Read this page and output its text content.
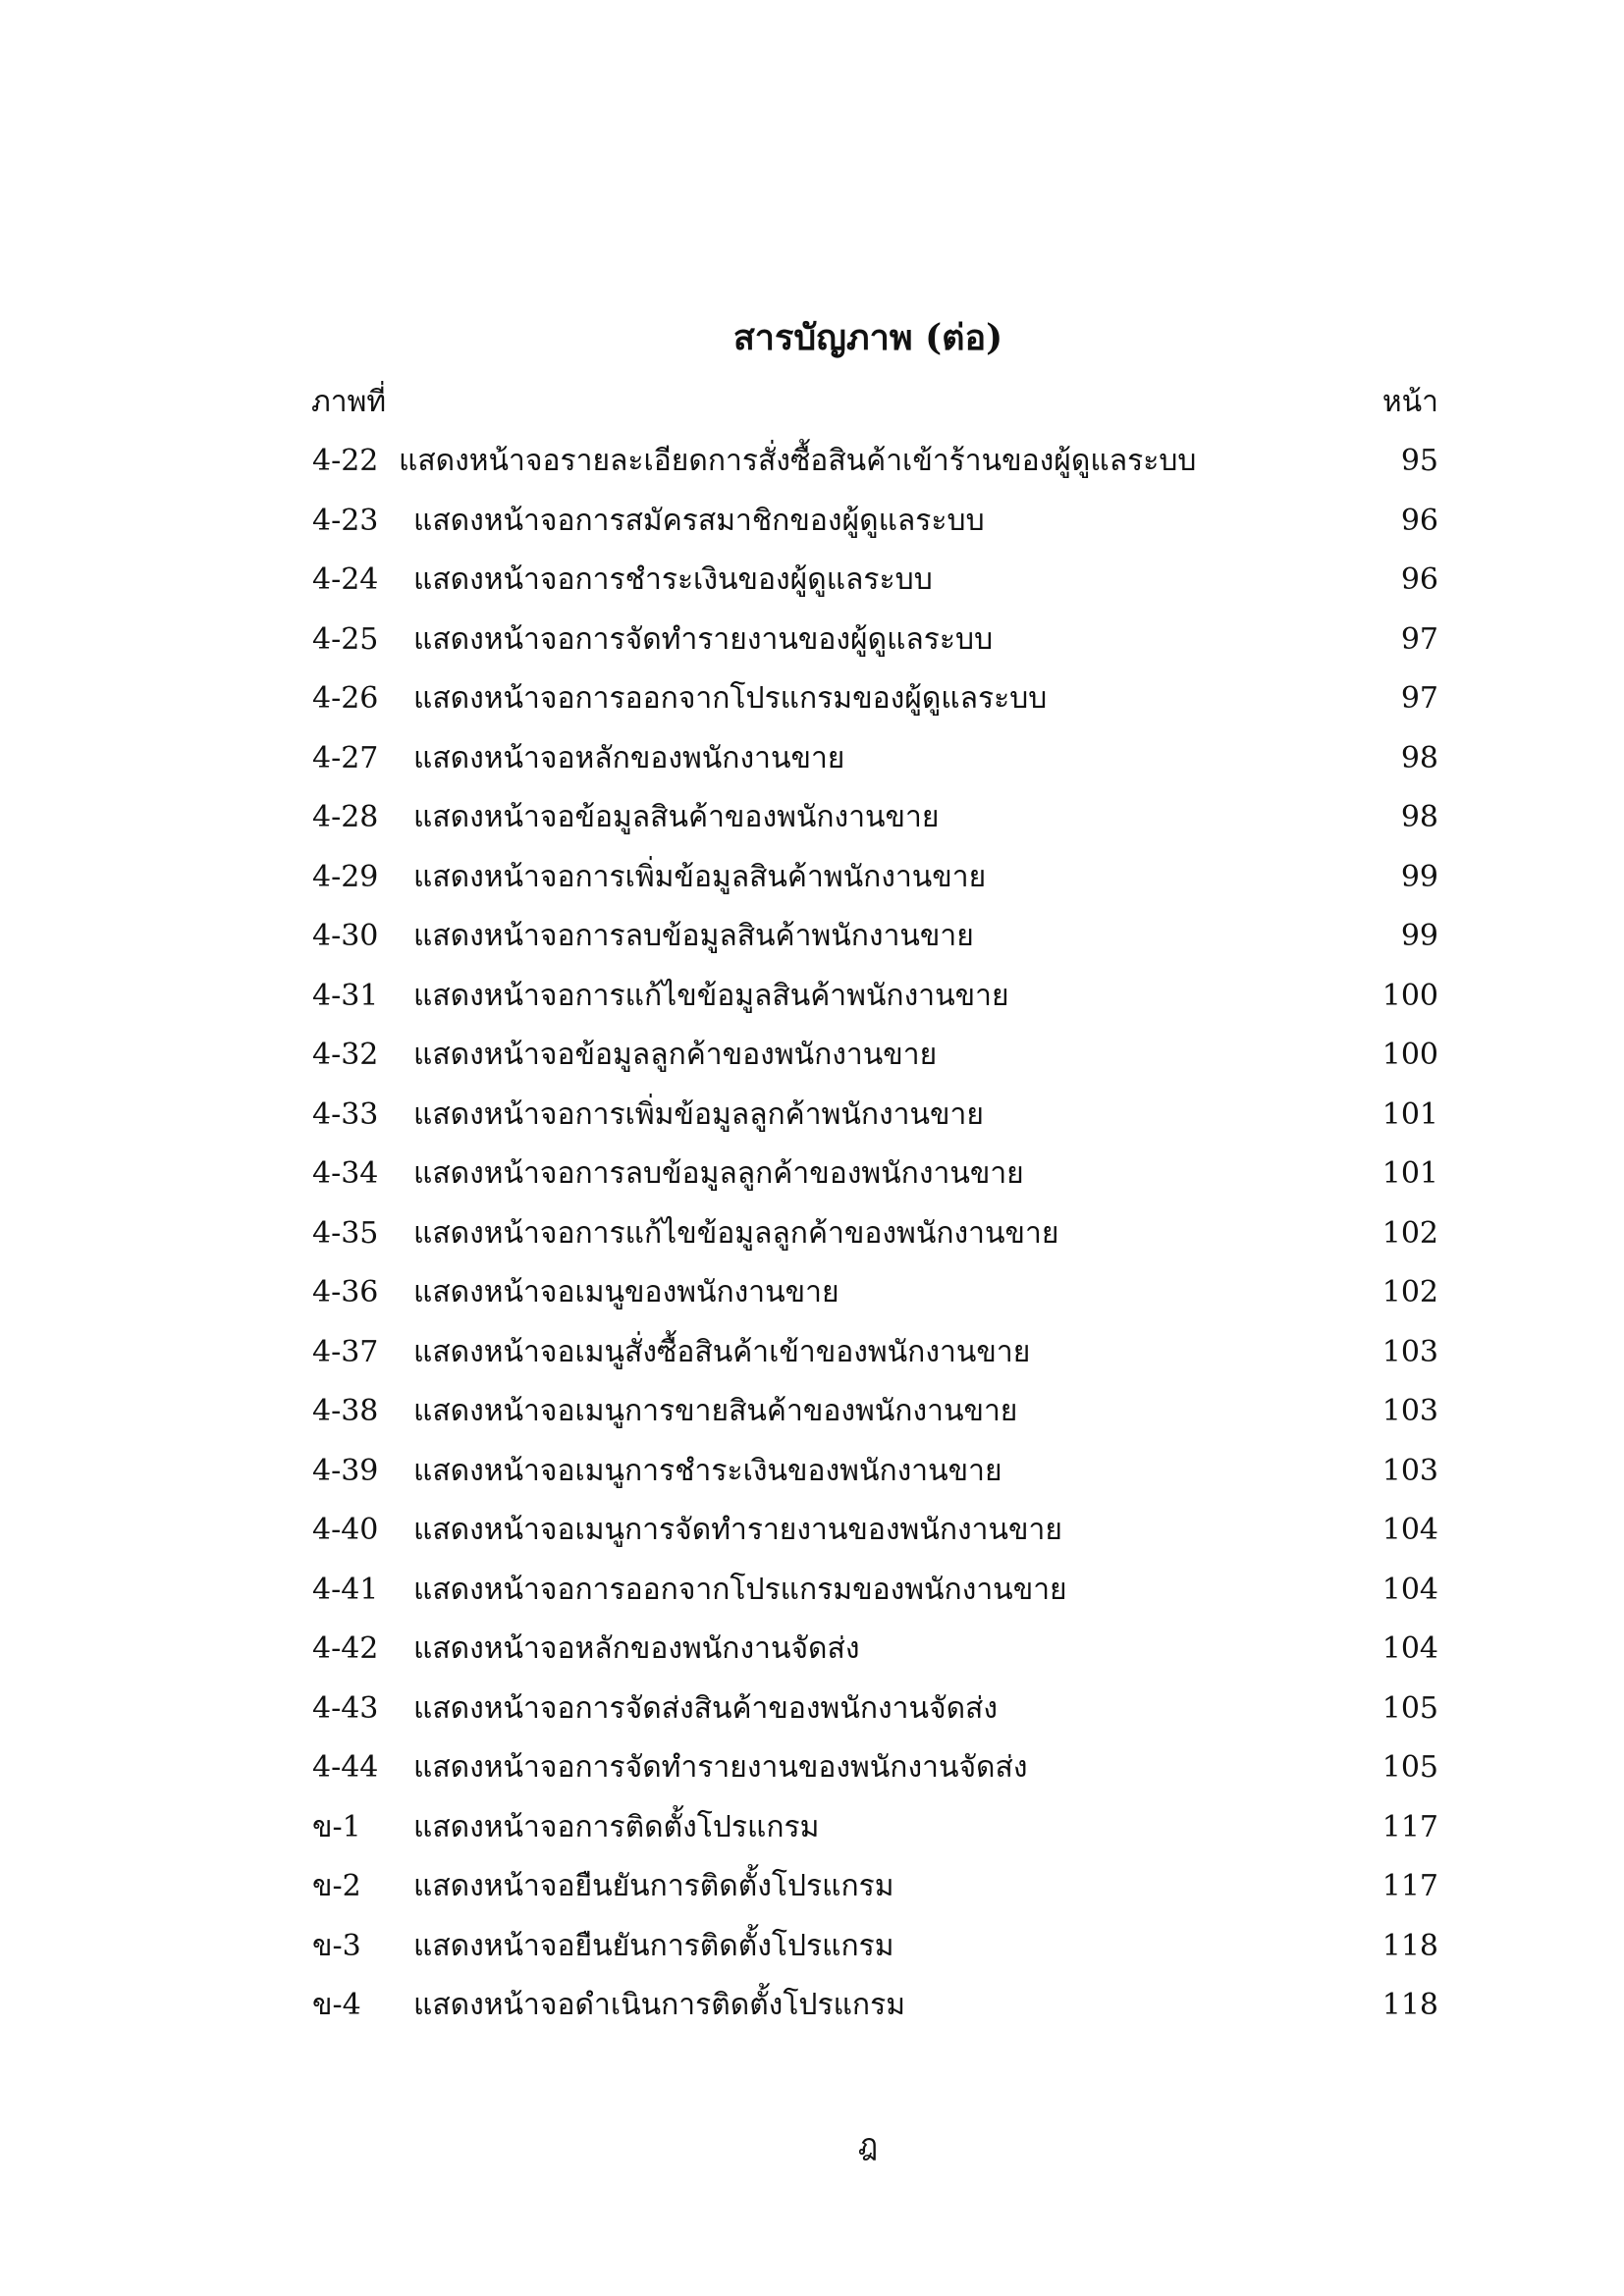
สารบัญภาพ (ต่อ)
ภาพที่	หน้า
4-22 แสดงหน้าจอรายละเอียดการสั่งซื้อสินค้าเข้าร้านของผู้ดูแลระบบ	95
4-23 แสดงหน้าจอการสมัครสมาชิกของผู้ดูแลระบบ	96
4-24 แสดงหน้าจอการชำระเงินของผู้ดูแลระบบ	96
4-25 แสดงหน้าจอการจัดทำรายงานของผู้ดูแลระบบ	97
4-26 แสดงหน้าจอการออกจากโปรแกรมของผู้ดูแลระบบ	97
4-27 แสดงหน้าจอหลักของพนักงานขาย	98
4-28 แสดงหน้าจอข้อมูลสินค้าของพนักงานขาย	98
4-29 แสดงหน้าจอการเพิ่มข้อมูลสินค้าพนักงานขาย	99
4-30 แสดงหน้าจอการลบข้อมูลสินค้าพนักงานขาย	99
4-31 แสดงหน้าจอการแก้ไขข้อมูลสินค้าพนักงานขาย	100
4-32 แสดงหน้าจอข้อมูลลูกค้าของพนักงานขาย	100
4-33 แสดงหน้าจอการเพิ่มข้อมูลลูกค้าพนักงานขาย	101
4-34 แสดงหน้าจอการลบข้อมูลลูกค้าของพนักงานขาย	101
4-35 แสดงหน้าจอการแก้ไขข้อมูลลูกค้าของพนักงานขาย	102
4-36 แสดงหน้าจอเมนูของพนักงานขาย	102
4-37 แสดงหน้าจอเมนูสั่งซื้อสินค้าเข้าของพนักงานขาย	103
4-38 แสดงหน้าจอเมนูการขายสินค้าของพนักงานขาย	103
4-39 แสดงหน้าจอเมนูการชำระเงินของพนักงานขาย	103
4-40 แสดงหน้าจอเมนูการจัดทำรายงานของพนักงานขาย	104
4-41 แสดงหน้าจอการออกจากโปรแกรมของพนักงานขาย	104
4-42 แสดงหน้าจอหลักของพนักงานจัดส่ง	104
4-43 แสดงหน้าจอการจัดส่งสินค้าของพนักงานจัดส่ง	105
4-44 แสดงหน้าจอการจัดทำรายงานของพนักงานจัดส่ง	105
ข-1 แสดงหน้าจอการติดตั้งโปรแกรม	117
ข-2 แสดงหน้าจอยืนยันการติดตั้งโปรแกรม	117
ข-3 แสดงหน้าจอยืนยันการติดตั้งโปรแกรม	118
ข-4 แสดงหน้าจอดำเนินการติดตั้งโปรแกรม	118
ฎ
